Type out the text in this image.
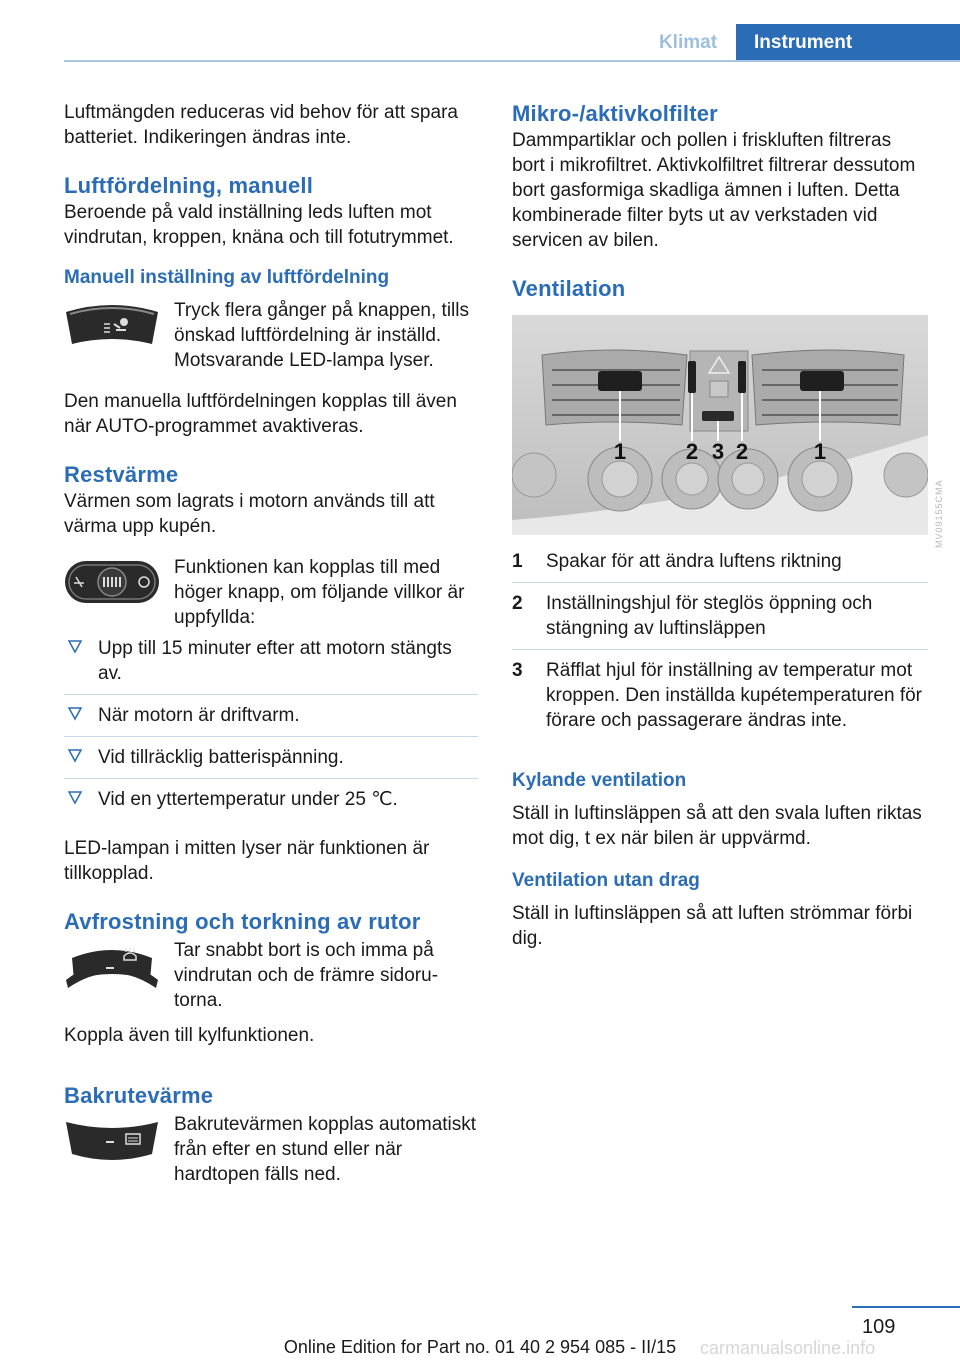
Klimat	Instrument

Luftmängden reduceras vid behov för att spara batteriet. Indikeringen ändras inte.

Luftfördelning, manuell

Beroende på vald inställning leds luften mot vindrutan, kroppen, knäna och till fotutrymmet.

Manuell inställning av luftfördelning

Tryck flera gånger på knappen, tills önskad luftfördelning är inställd. Motsvarande LED-lampa lyser.

Den manuella luftfördelningen kopplas till även när AUTO-programmet avaktiveras.

Restvärme

Värmen som lagrats i motorn används till att värma upp kupén.

Funktionen kan kopplas till med höger knapp, om följande villkor är uppfyllda:

Upp till 15 minuter efter att motorn stängts av.
När motorn är driftvarm.
Vid tillräcklig batterispänning.
Vid en yttertemperatur under 25 ℃.

LED-lampan i mitten lyser när funktionen är tillkopplad.

Avfrostning och torkning av rutor

Tar snabbt bort is och imma på vindrutan och de främre sidorutorna.

Koppla även till kylfunktionen.

Bakrutevärme

Bakrutevärmen kopplas automatiskt från efter en stund eller när hardtopen fälls ned.

Mikro-/aktivkolfilter

Dammpartiklar och pollen i friskluften filtreras bort i mikrofiltret. Aktivkolfiltret filtrerar dessutom bort gasformiga skadliga ämnen i luften. Detta kombinerade filter byts ut av verkstaden vid servicen av bilen.

Ventilation
1	2 3 2	1
1 Spakar för att ändra luftens riktning
2 Inställningshjul för steglös öppning och stängning av luftinsläppen
3 Räfflat hjul för inställning av temperatur mot kroppen. Den inställda kupétemperaturen för förare och passagerare ändras inte.
Kylande ventilation

Ställ in luftinsläppen så att den svala luften riktas mot dig, t ex när bilen är uppvärmd.

Ventilation utan drag

Ställ in luftinsläppen så att luften strömmar förbi dig.

MV09155CMA
109
Online Edition for Part no. 01 40 2 954 085 - II/15	carmanualsonline.info
